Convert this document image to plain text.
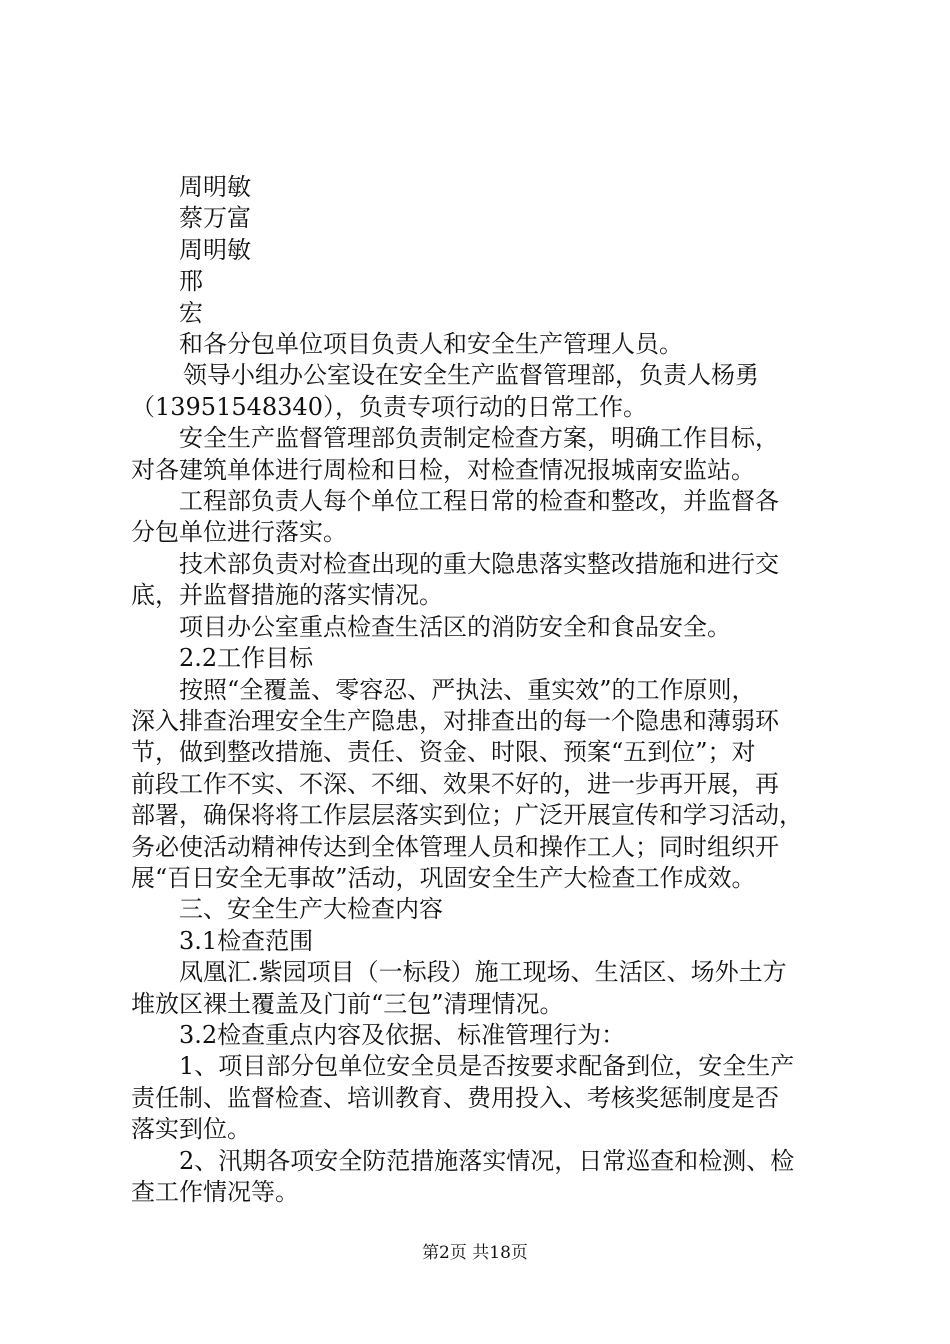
周明敏

蔡万富

周明敏

邢

宏

和各分包单位项目负责人和安全生产管理人员。

领导小组办公室设在安全生产监督管理部，负责人杨勇

（13951548340），负责专项行动的日常工作。

安全生产监督管理部负责制定检查方案，明确工作目标，

对各建筑单体进行周检和日检，对检查情况报城南安监站。

工程部负责人每个单位工程日常的检查和整改，并监督各

分包单位进行落实。

技术部负责对检查出现的重大隐患落实整改措施和进行交

底，并监督措施的落实情况。

项目办公室重点检查生活区的消防安全和食品安全。

2.2工作目标

按照“全覆盖、零容忍、严执法、重实效”的工作原则，

深入排查治理安全生产隐患，对排查出的每一个隐患和薄弱环

节，做到整改措施、责任、资金、时限、预案“五到位”；对

前段工作不实、不深、不细、效果不好的，进一步再开展，再

部署，确保将将工作层层落实到位；广泛开展宣传和学习活动，

务必使活动精神传达到全体管理人员和操作工人；同时组织开

展“百日安全无事故”活动，巩固安全生产大检查工作成效。

三、安全生产大检查内容

3.1检查范围

凤凰汇.紫园项目（一标段）施工现场、生活区、场外土方

堆放区裸土覆盖及门前“三包”清理情况。

3.2检查重点内容及依据、标准管理行为：

1、项目部分包单位安全员是否按要求配备到位，安全生产

责任制、监督检查、培训教育、费用投入、考核奖惩制度是否

落实到位。

2、汛期各项安全防范措施落实情况，日常巡查和检测、检

查工作情况等。

第2页 共18页
